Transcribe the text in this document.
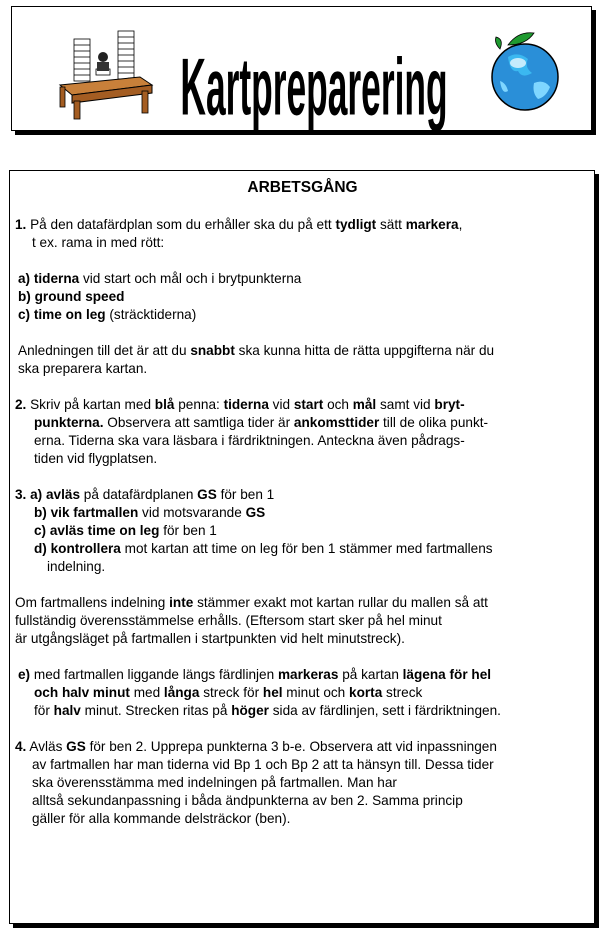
Kartpreparering
ARBETSGÅNG

1. På den datafärdplan som du erhåller ska du på ett tydligt sätt markera,

t ex. rama in med rött:

a) tiderna vid start och mål och i brytpunkterna

b) ground speed

c) time on leg (sträcktiderna)

Anledningen till det är att du snabbt ska kunna hitta de rätta uppgifterna när du

ska preparera kartan.

2. Skriv på kartan med blå penna: tiderna vid start och mål samt vid bryt-

punkterna. Observera att samtliga tider är ankomsttider till de olika punkt-

erna. Tiderna ska vara läsbara i färdriktningen. Anteckna även pådrags-

tiden vid flygplatsen.

3. a) avläs på datafärdplanen GS för ben 1

b) vik fartmallen vid motsvarande GS

c) avläs time on leg för ben 1

d) kontrollera mot kartan att time on leg för ben 1 stämmer med fartmallens

indelning.

Om fartmallens indelning inte stämmer exakt mot kartan rullar du mallen så att

fullständig överensstämmelse erhålls. (Eftersom start sker på hel minut

är utgångsläget på fartmallen i startpunkten vid helt minutstreck).

e) med fartmallen liggande längs färdlinjen markeras på kartan lägena för hel

och halv minut med långa streck för hel minut och korta streck

för halv minut. Strecken ritas på höger sida av färdlinjen, sett i färdriktningen.

4. Avläs GS för ben 2. Upprepa punkterna 3 b-e. Observera att vid inpassningen

av fartmallen har man tiderna vid Bp 1 och Bp 2 att ta hänsyn till. Dessa tider

ska överensstämma med indelningen på fartmallen. Man har

alltså sekundanpassning i båda ändpunkterna av ben 2. Samma princip

gäller för alla kommande delsträckor (ben).
